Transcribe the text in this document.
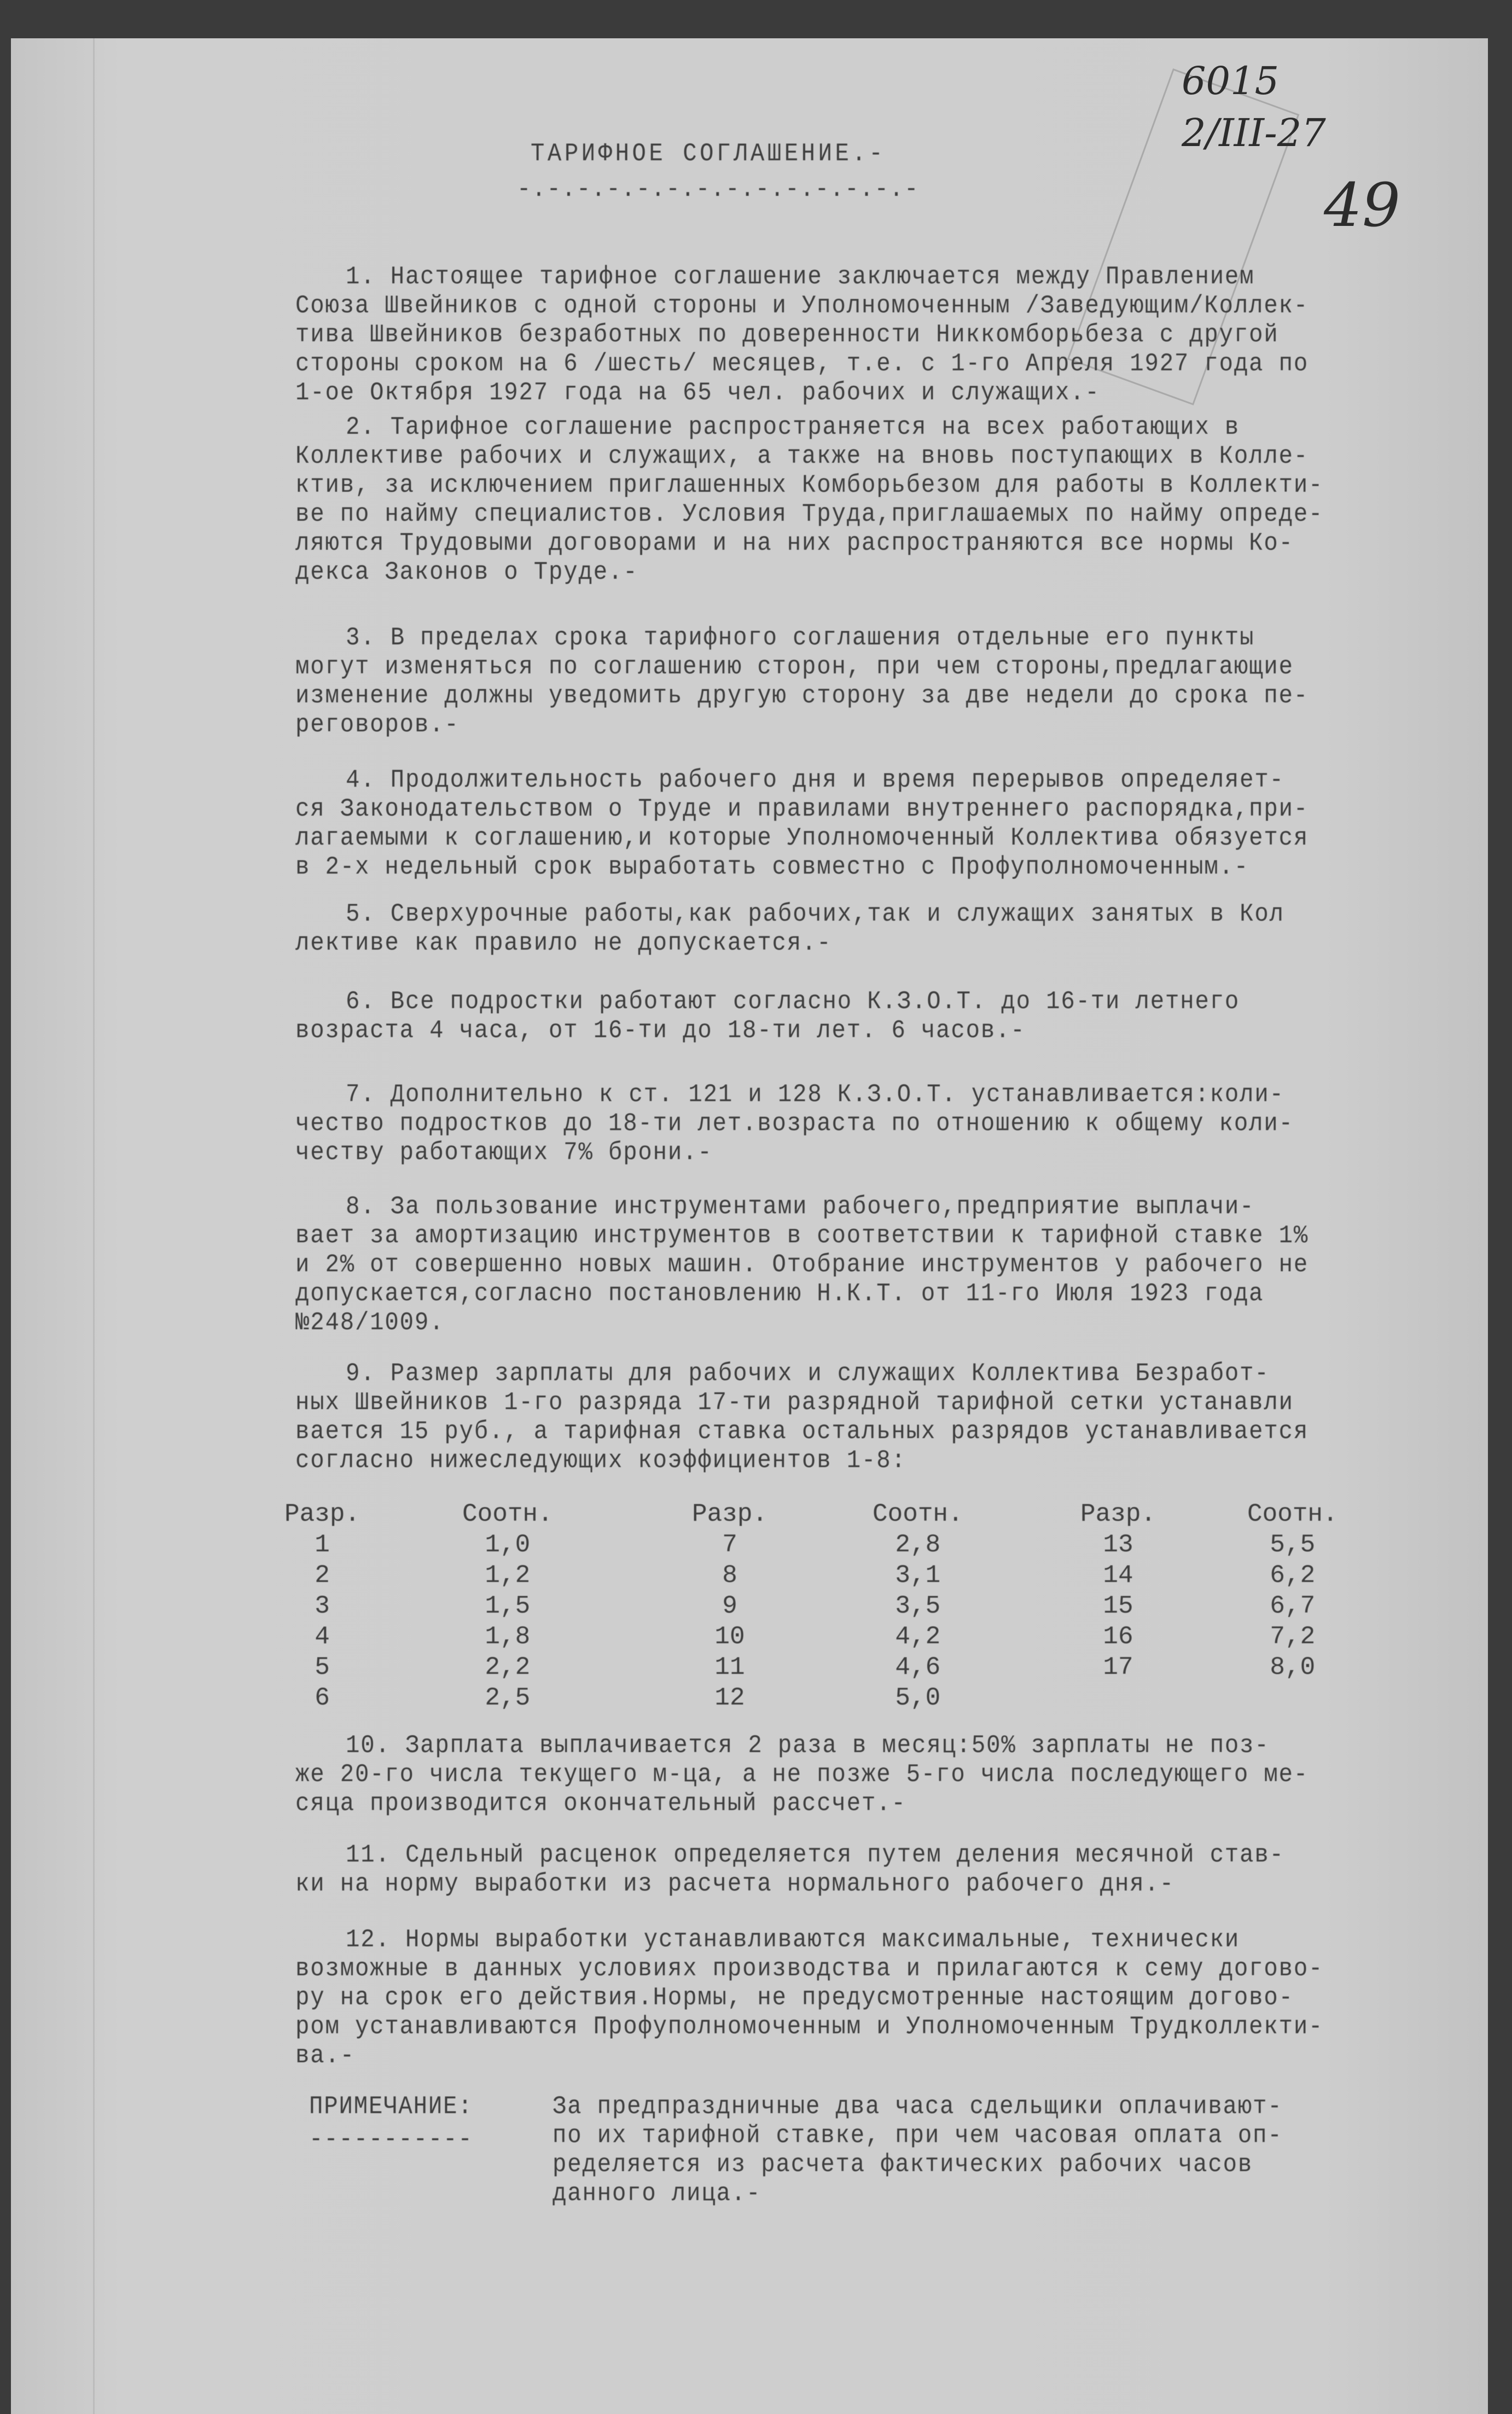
6015
2/III-27
49
ТАРИФНОЕ СОГЛАШЕНИЕ.-
-.-.-.-.-.-.-.-.-.-.-.-.-.-
1. Настоящее тарифное соглашение заключается между Правлением
Союза Швейников с одной стороны и Уполномоченным /Заведующим/Коллек-
тива Швейников безработных по доверенности Никкомборьбеза с другой
стороны сроком на 6 /шесть/ месяцев, т.е. с 1-го Апреля 1927 года по
1-ое Октября 1927 года на 65 чел. рабочих и служащих.-
2. Тарифное соглашение распространяется на всех работающих в
Коллективе рабочих и служащих, а также на вновь поступающих в Колле-
ктив, за исключением приглашенных Комборьбезом для работы в Коллекти-
ве по найму специалистов. Условия Труда,приглашаемых по найму опреде-
ляются Трудовыми договорами и на них распространяются все нормы Ко-
декса Законов о Труде.-
3. В пределах срока тарифного соглашения отдельные его пункты
могут изменяться по соглашению сторон, при чем стороны,предлагающие
изменение должны уведомить другую сторону за две недели до срока пе-
реговоров.-
4. Продолжительность рабочего дня и время перерывов определяет-
ся Законодательством о Труде и правилами внутреннего распорядка,при-
лагаемыми к соглашению,и которые Уполномоченный Коллектива обязуется
в 2-х недельный срок выработать совместно с Профуполномоченным.-
5. Сверхурочные работы,как рабочих,так и служащих занятых в Кол
лективе как правило не допускается.-
6. Все подростки работают согласно К.З.О.Т. до 16-ти летнего
возраста 4 часа, от 16-ти до 18-ти лет. 6 часов.-
7. Дополнительно к ст. 121 и 128 К.З.О.Т. устанавливается:коли-
чество подростков до 18-ти лет.возраста по отношению к общему коли-
честву работающих 7% брони.-
8. За пользование инструментами рабочего,предприятие выплачи-
вает за амортизацию инструментов в соответствии к тарифной ставке 1%
и 2% от совершенно новых машин. Отобрание инструментов у рабочего не
допускается,согласно постановлению Н.К.Т. от 11-го Июля 1923 года
№248/1009.
9. Размер зарплаты для рабочих и служащих Коллектива Безработ-
ных Швейников 1-го разряда 17-ти разрядной тарифной сетки устанавли
вается 15 руб., а тарифная ставка остальных разрядов устанавливается
согласно нижеследующих коэффициентов 1-8:
10. Зарплата выплачивается 2 раза в месяц:50% зарплаты не поз-
же 20-го числа текущего м-ца, а не позже 5-го числа последующего ме-
сяца производится окончательный рассчет.-
11. Сдельный расценок определяется путем деления месячной став-
ки на норму выработки из расчета нормального рабочего дня.-
12. Нормы выработки устанавливаются максимальные, технически
возможные в данных условиях производства и прилагаются к сему догово-
ру на срок его действия.Нормы, не предусмотренные настоящим догово-
ром устанавливаются Профуполномоченным и Уполномоченным Трудколлекти-
ва.-
Разр.
1
2
3
4
5
6
Соотн.
1,0
1,2
1,5
1,8
2,2
2,5
Разр.
7
8
9
10
11
12
Соотн.
2,8
3,1
3,5
4,2
4,6
5,0
Разр.
13
14
15
16
17
Соотн.
5,5
6,2
6,7
7,2
8,0
ПРИМЕЧАНИЕ:
-----------
За предпраздничные два часа сдельщики оплачивают-
по их тарифной ставке, при чем часовая оплата оп-
ределяется из расчета фактических рабочих часов
данного лица.-
